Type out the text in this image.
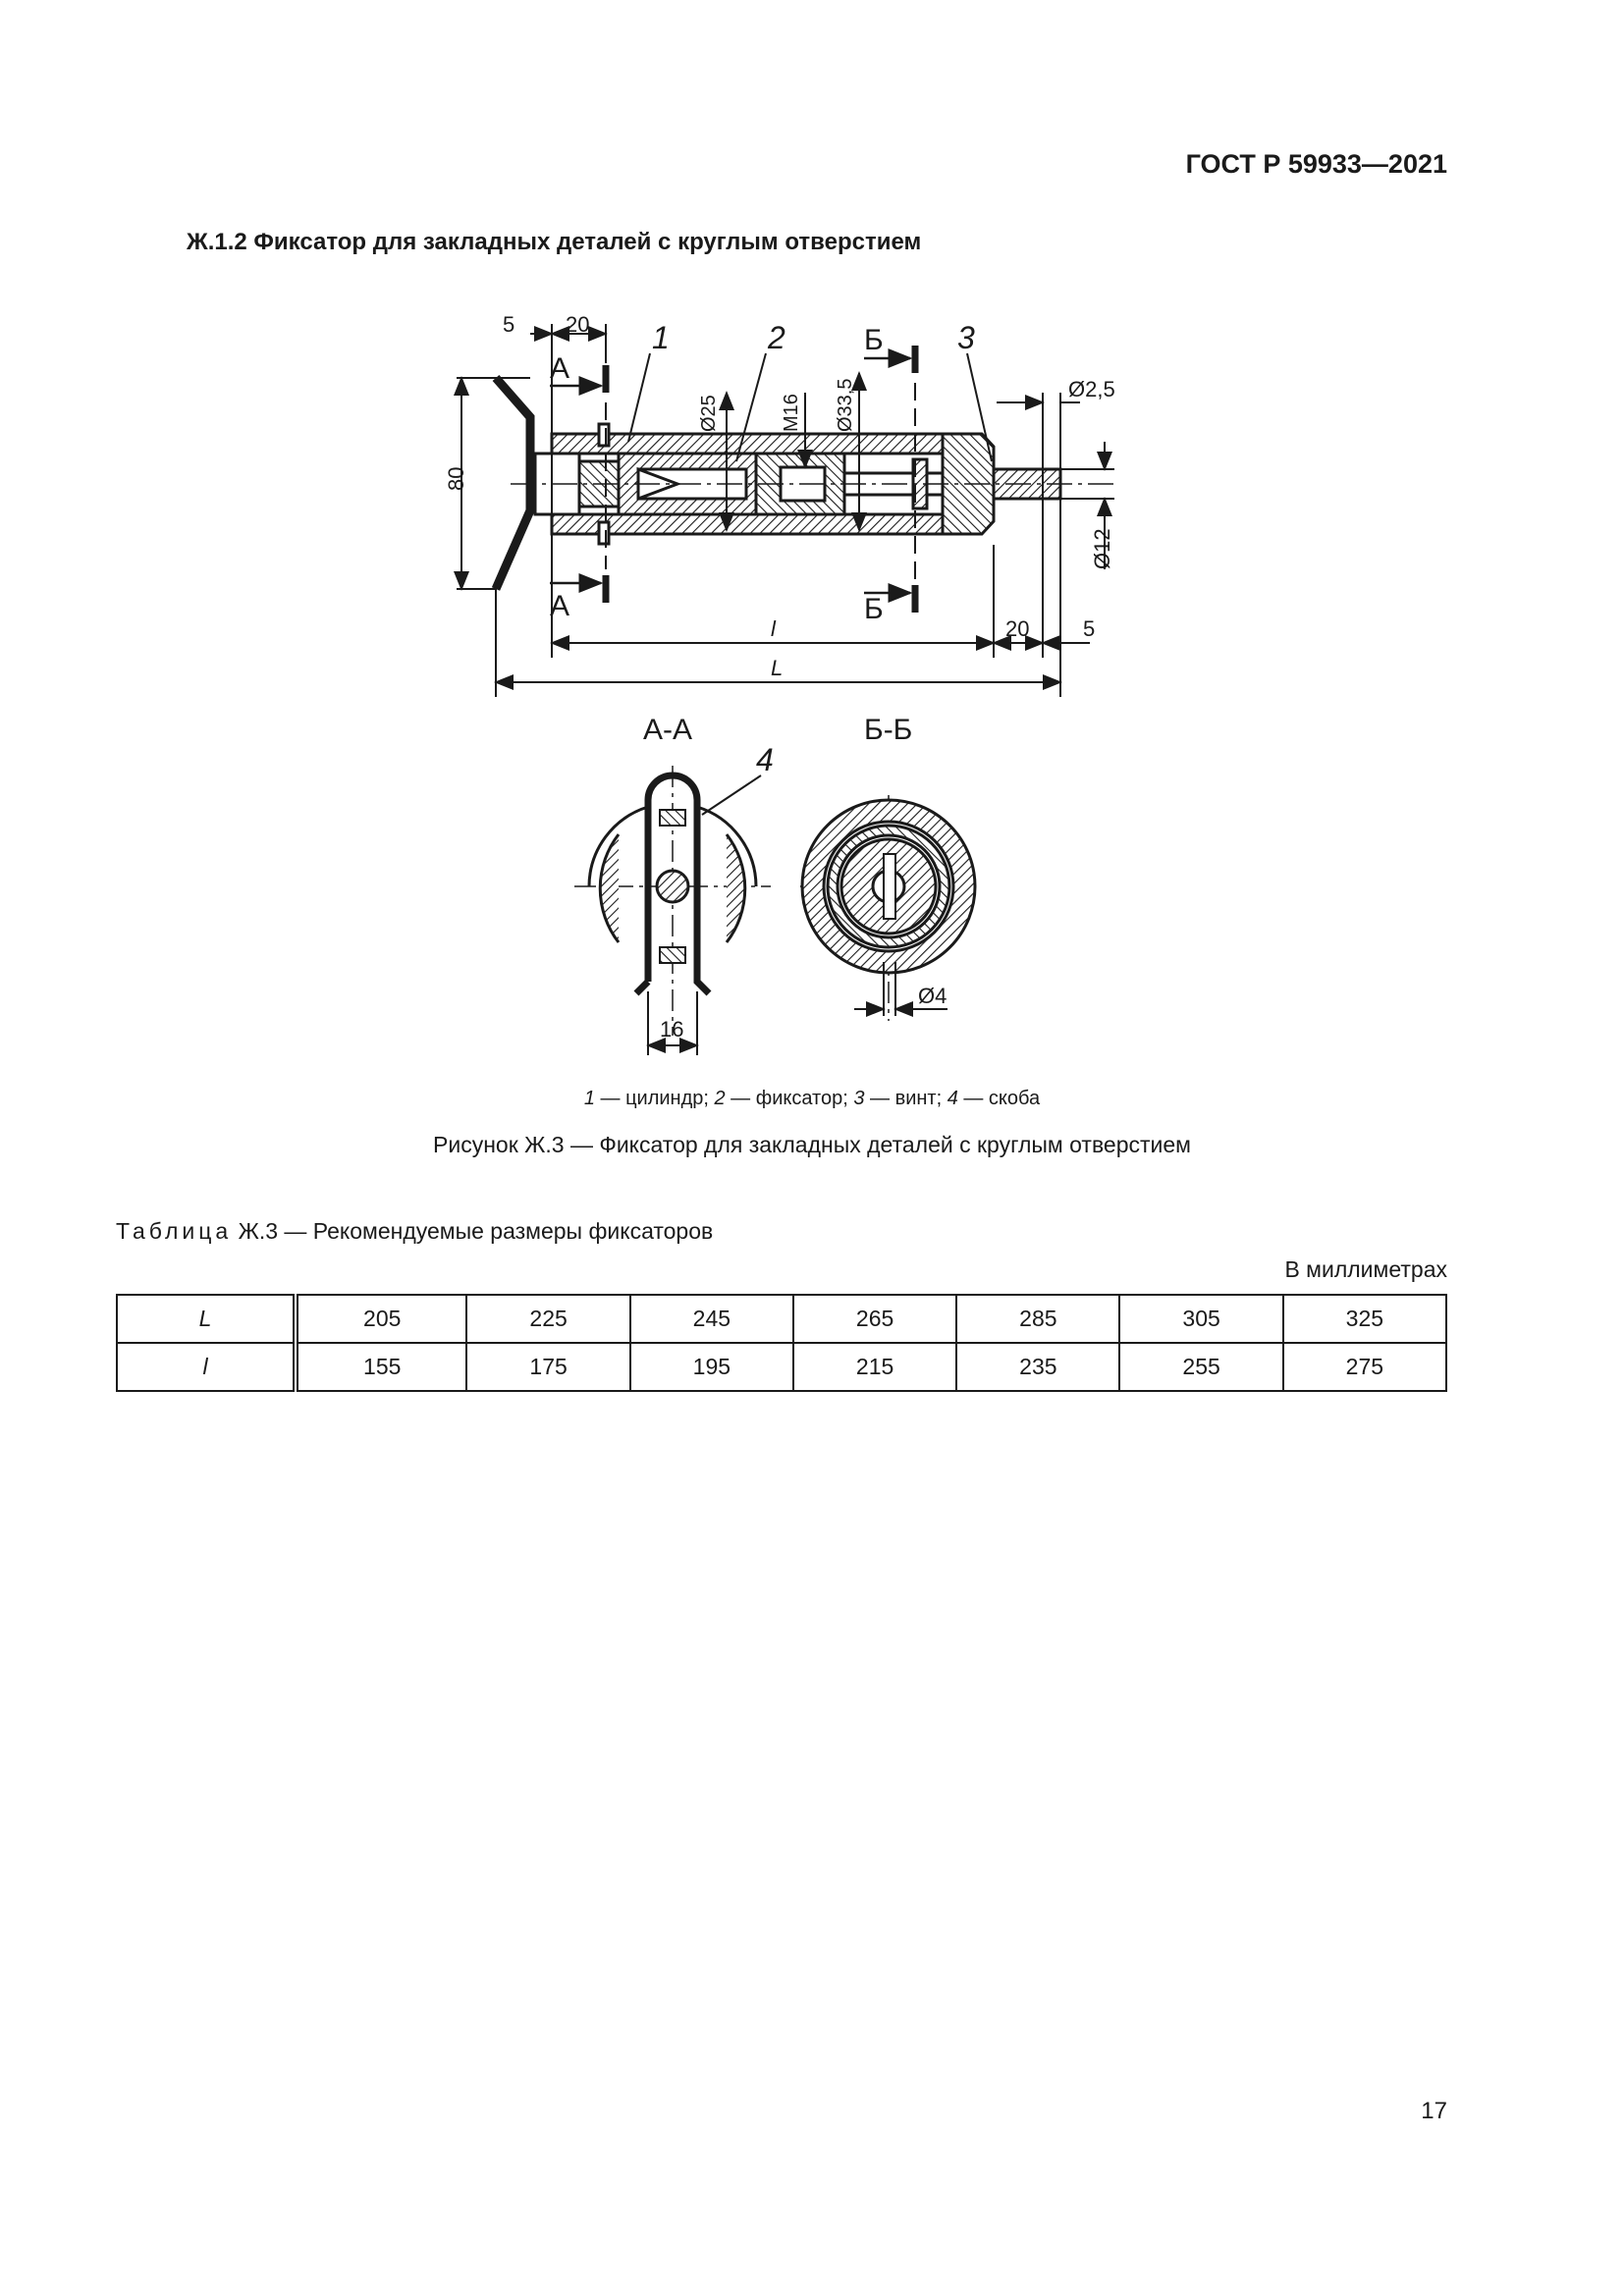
ГОСТ Р 59933—2021
Ж.1.2 Фиксатор для закладных деталей с круглым отверстием
5 20
80
Ø25	М16 Ø33,5	Ø2,5
Ø12
l
L
20 5
1	2	3
А
А
Б
Б
А-А
4
16
Б-Б
Ø4
1 — цилиндр; 2 — фиксатор; 3 — винт; 4 — скоба
Рисунок Ж.3 — Фиксатор для закладных деталей с круглым отверстием
Таблица Ж.3 — Рекомендуемые размеры фиксаторов
В миллиметрах
L	205	225	245	265	285	305	325
l	155	175	195	215	235	255	275
17
